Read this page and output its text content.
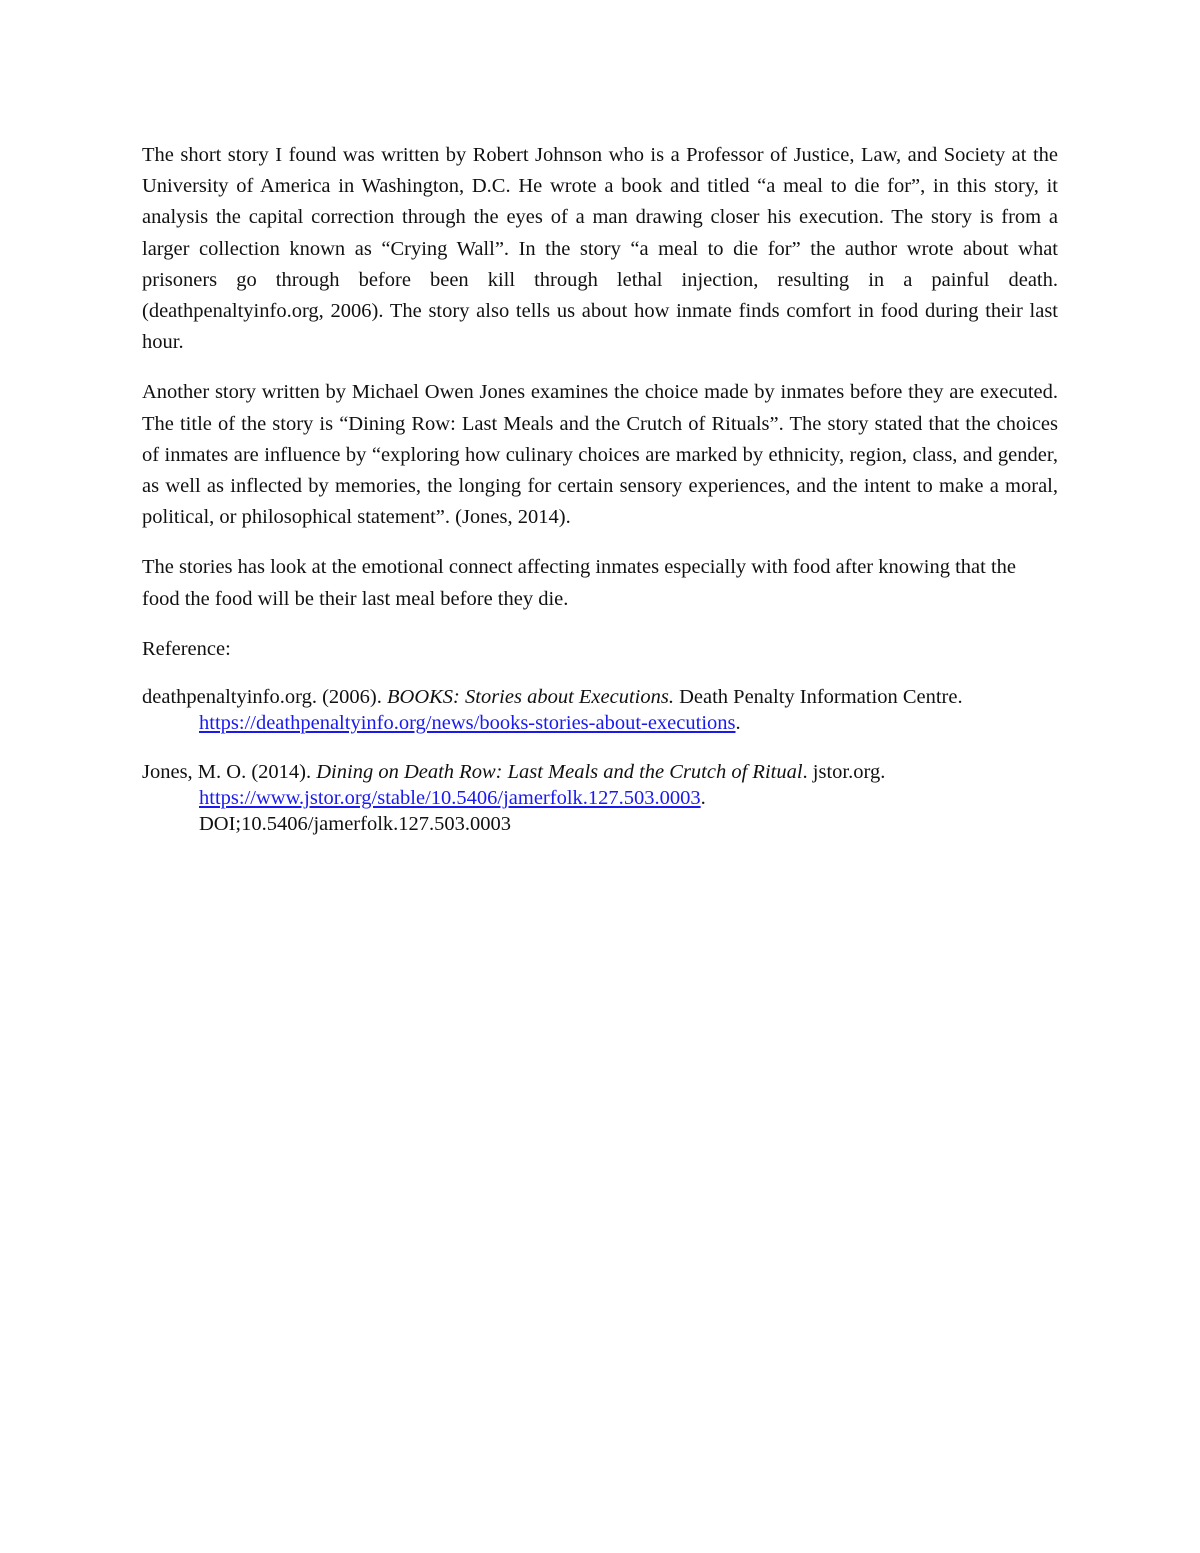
The short story I found was written by Robert Johnson who is a Professor of Justice, Law, and Society at the University of America in Washington, D.C. He wrote a book and titled “a meal to die for”, in this story, it analysis the capital correction through the eyes of a man drawing closer his execution. The story is from a larger collection known as “Crying Wall”. In the story “a meal to die for” the author wrote about what prisoners go through before been kill through lethal injection, resulting in a painful death. (deathpenaltyinfo.org, 2006). The story also tells us about how inmate finds comfort in food during their last hour.

Another story written by Michael Owen Jones examines the choice made by inmates before they are executed. The title of the story is “Dining Row: Last Meals and the Crutch of Rituals”. The story stated that the choices of inmates are influence by “exploring how culinary choices are marked by ethnicity, region, class, and gender, as well as inflected by memories, the longing for certain sensory experiences, and the intent to make a moral, political, or philosophical statement”. (Jones, 2014).

The stories has look at the emotional connect affecting inmates especially with food after knowing that the food the food will be their last meal before they die.

Reference:

deathpenaltyinfo.org. (2006). BOOKS: Stories about Executions. Death Penalty Information Centre. https://deathpenaltyinfo.org/news/books-stories-about-executions.
Jones, M. O. (2014). Dining on Death Row: Last Meals and the Crutch of Ritual. jstor.org. https://www.jstor.org/stable/10.5406/jamerfolk.127.503.0003.
DOI;10.5406/jamerfolk.127.503.0003
